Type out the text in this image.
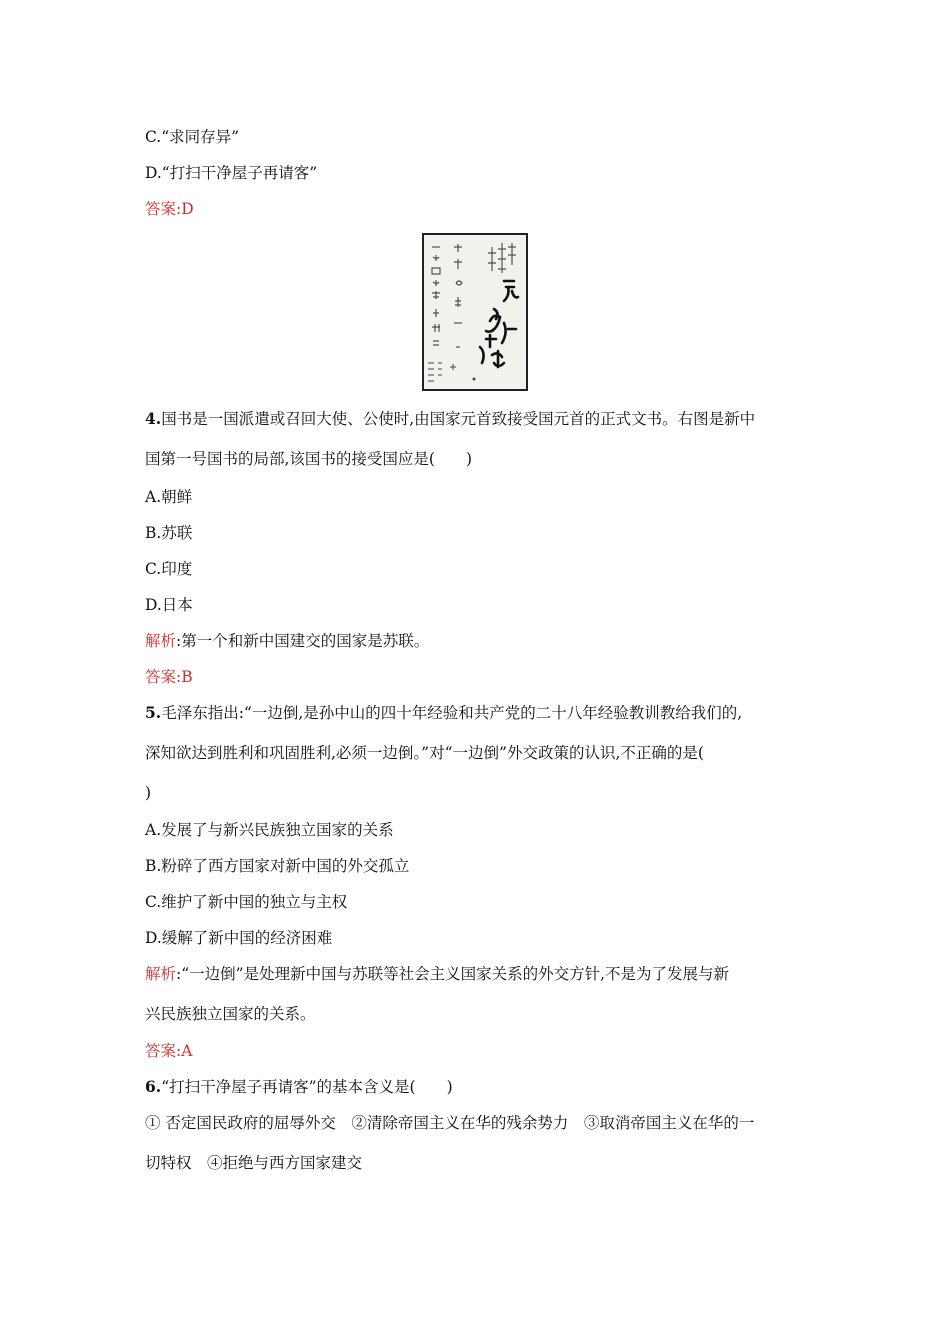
C.“求同存异”
D.“打扫干净屋子再请客”
答案:D
4.国书是一国派遣或召回大使、公使时,由国家元首致接受国元首的正式文书。右图是新中
国第一号国书的局部,该国书的接受国应是(　　)
A.朝鲜
B.苏联
C.印度
D.日本
解析:第一个和新中国建交的国家是苏联。
答案:B
5.毛泽东指出:“一边倒,是孙中山的四十年经验和共产党的二十八年经验教训教给我们的,
深知欲达到胜利和巩固胜利,必须一边倒。”对“一边倒”外交政策的认识,不正确的是(
)
A.发展了与新兴民族独立国家的关系
B.粉碎了西方国家对新中国的外交孤立
C.维护了新中国的独立与主权
D.缓解了新中国的经济困难
解析:“一边倒”是处理新中国与苏联等社会主义国家关系的外交方针,不是为了发展与新
兴民族独立国家的关系。
答案:A
6.“打扫干净屋子再请客”的基本含义是(　　)
① 否定国民政府的屈辱外交　②清除帝国主义在华的残余势力　③取消帝国主义在华的一
切特权　④拒绝与西方国家建交
